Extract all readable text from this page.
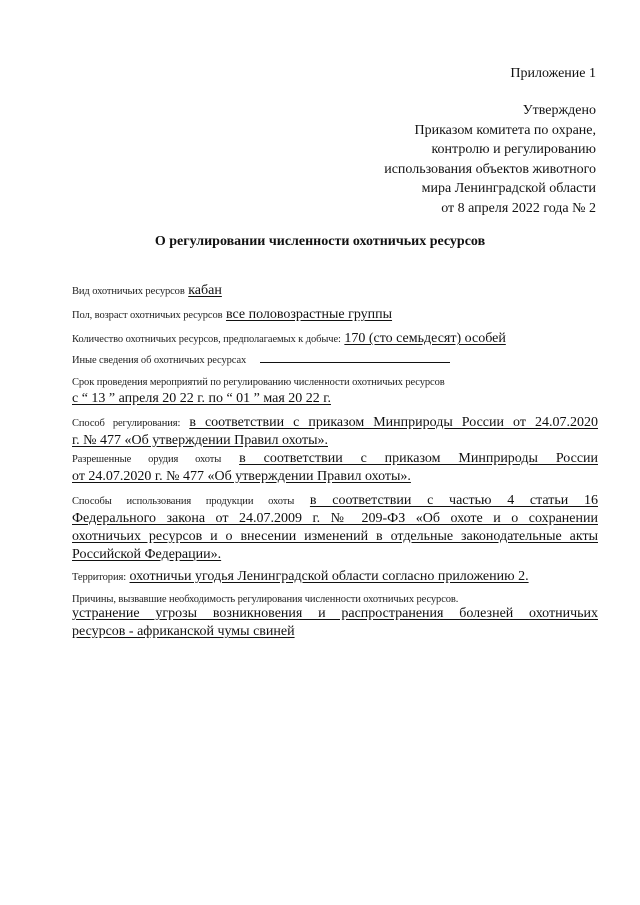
Приложение 1
Утверждено
Приказом комитета по охране,
контролю и регулированию
использования объектов животного
мира Ленинградской области
от 8 апреля 2022 года № 2
О регулировании численности охотничьих ресурсов
Вид охотничьих ресурсов кабан
Пол, возраст охотничьих ресурсов все половозрастные группы
Количество охотничьих ресурсов, предполагаемых к добыче: 170 (сто семьдесят) особей
Иные сведения об охотничьих ресурсах
Срок проведения мероприятий по регулированию численности охотничьих ресурсов
с “ 13 ” апреля 20 22 г. по “ 01 ” мая 20 22 г.
Способ регулирования: в соответствии с приказом Минприроды России от 24.07.2020
г. № 477 «Об утверждении Правил охоты».
Разрешенные орудия охоты в соответствии с приказом Минприроды России
от 24.07.2020 г. № 477 «Об утверждении Правил охоты».
Способы использования продукции охоты в соответствии с частью 4 статьи 16
Федерального закона от 24.07.2009 г. № 209-ФЗ «Об охоте и о сохранении
охотничьих ресурсов и о внесении изменений в отдельные законодательные акты
Российской Федерации».
Территория: охотничьи угодья Ленинградской области согласно приложению 2.
Причины, вызвавшие необходимость регулирования численности охотничьих ресурсов.
устранение угрозы возникновения и распространения болезней охотничьих
ресурсов - африканской чумы свиней
